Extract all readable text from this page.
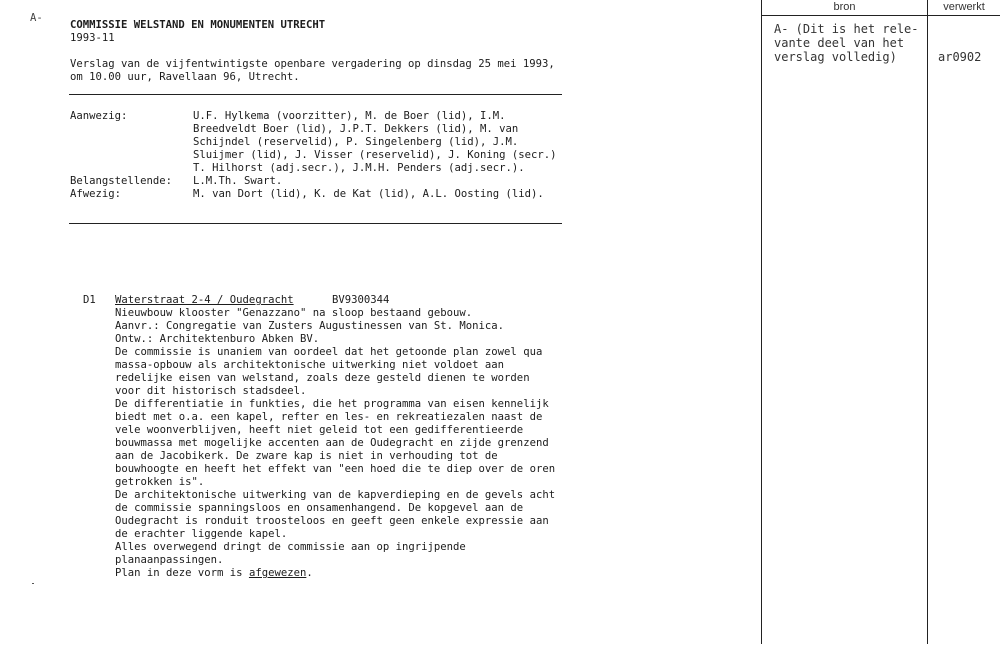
A-
COMMISSIE WELSTAND EN MONUMENTEN UTRECHT
1993-11
Verslag van de vijfentwintigste openbare vergadering op dinsdag 25 mei 1993,
om 10.00 uur, Ravellaan 96, Utrecht.
Aanwezig:	U.F. Hylkema (voorzitter), M. de Boer (lid), I.M.
Breedveldt Boer (lid), J.P.T. Dekkers (lid), M. van
Schijndel (reservelid), P. Singelenberg (lid), J.M.
Sluijmer (lid), J. Visser (reservelid), J. Koning (secr.)
T. Hilhorst (adj.secr.), J.M.H. Penders (adj.secr.).
Belangstellende: L.M.Th. Swart.
Afwezig:	M. van Dort (lid), K. de Kat (lid), A.L. Oosting (lid).
D1 Waterstraat 2-4 / Oudegracht	BV9300344
Nieuwbouw klooster "Genazzano" na sloop bestaand gebouw.
Aanvr.: Congregatie van Zusters Augustinessen van St. Monica.
Ontw.: Architektenburo Abken BV.
De commissie is unaniem van oordeel dat het getoonde plan zowel qua
massa-opbouw als architektonische uitwerking niet voldoet aan
redelijke eisen van welstand, zoals deze gesteld dienen te worden
voor dit historisch stadsdeel.
De differentiatie in funkties, die het programma van eisen kennelijk
biedt met o.a. een kapel, refter en les- en rekreatiezalen naast de
vele woonverblijven, heeft niet geleid tot een gedifferentieerde
bouwmassa met mogelijke accenten aan de Oudegracht en zijde grenzend
aan de Jacobikerk. De zware kap is niet in verhouding tot de
bouwhoogte en heeft het effekt van "een hoed die te diep over de oren
getrokken is".
De architektonische uitwerking van de kapverdieping en de gevels acht
de commissie spanningsloos en onsamenhangend. De kopgevel aan de
Oudegracht is ronduit troosteloos en geeft geen enkele expressie aan
de erachter liggende kapel.
Alles overwegend dringt de commissie aan op ingrijpende
planaanpassingen.
Plan in deze vorm is afgewezen.
bron	verwerkt
A- (Dit is het rele-
vante deel van het
verslag volledig)	ar0902
